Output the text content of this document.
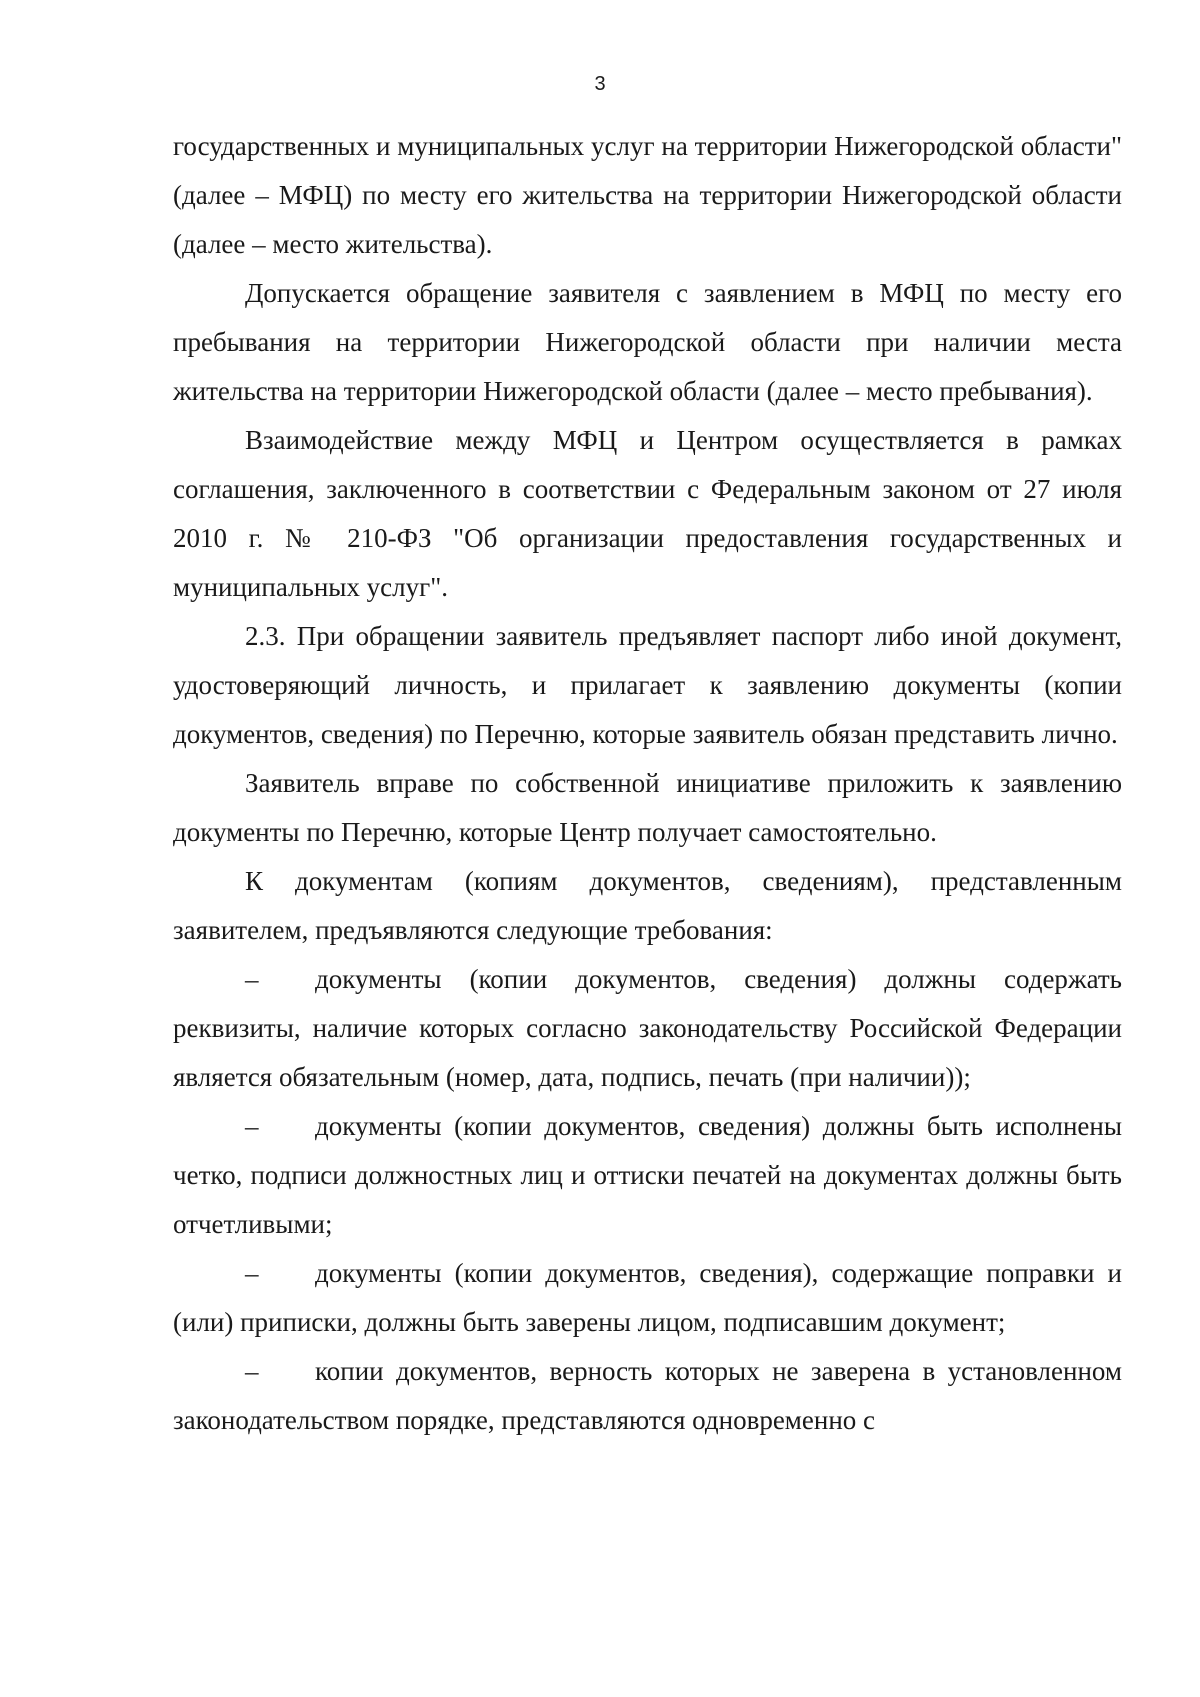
3

государственных и муниципальных услуг на территории Нижегородской области" (далее – МФЦ) по месту его жительства на территории Нижегородской области (далее – место жительства).

Допускается обращение заявителя с заявлением в МФЦ по месту его пребывания на территории Нижегородской области при наличии места жительства на территории Нижегородской области (далее – место пребывания).

Взаимодействие между МФЦ и Центром осуществляется в рамках соглашения, заключенного в соответствии с Федеральным законом от 27 июля 2010 г. № 210-ФЗ "Об организации предоставления государственных и муниципальных услуг".

2.3. При обращении заявитель предъявляет паспорт либо иной документ, удостоверяющий личность, и прилагает к заявлению документы (копии документов, сведения) по Перечню, которые заявитель обязан представить лично.

Заявитель вправе по собственной инициативе приложить к заявлению документы по Перечню, которые Центр получает самостоятельно.

К документам (копиям документов, сведениям), представленным заявителем, предъявляются следующие требования:

– документы (копии документов, сведения) должны содержать реквизиты, наличие которых согласно законодательству Российской Федерации является обязательным (номер, дата, подпись, печать (при наличии));

– документы (копии документов, сведения) должны быть исполнены четко, подписи должностных лиц и оттиски печатей на документах должны быть отчетливыми;

– документы (копии документов, сведения), содержащие поправки и (или) приписки, должны быть заверены лицом, подписавшим документ;

– копии документов, верность которых не заверена в установленном законодательством порядке, представляются одновременно с
